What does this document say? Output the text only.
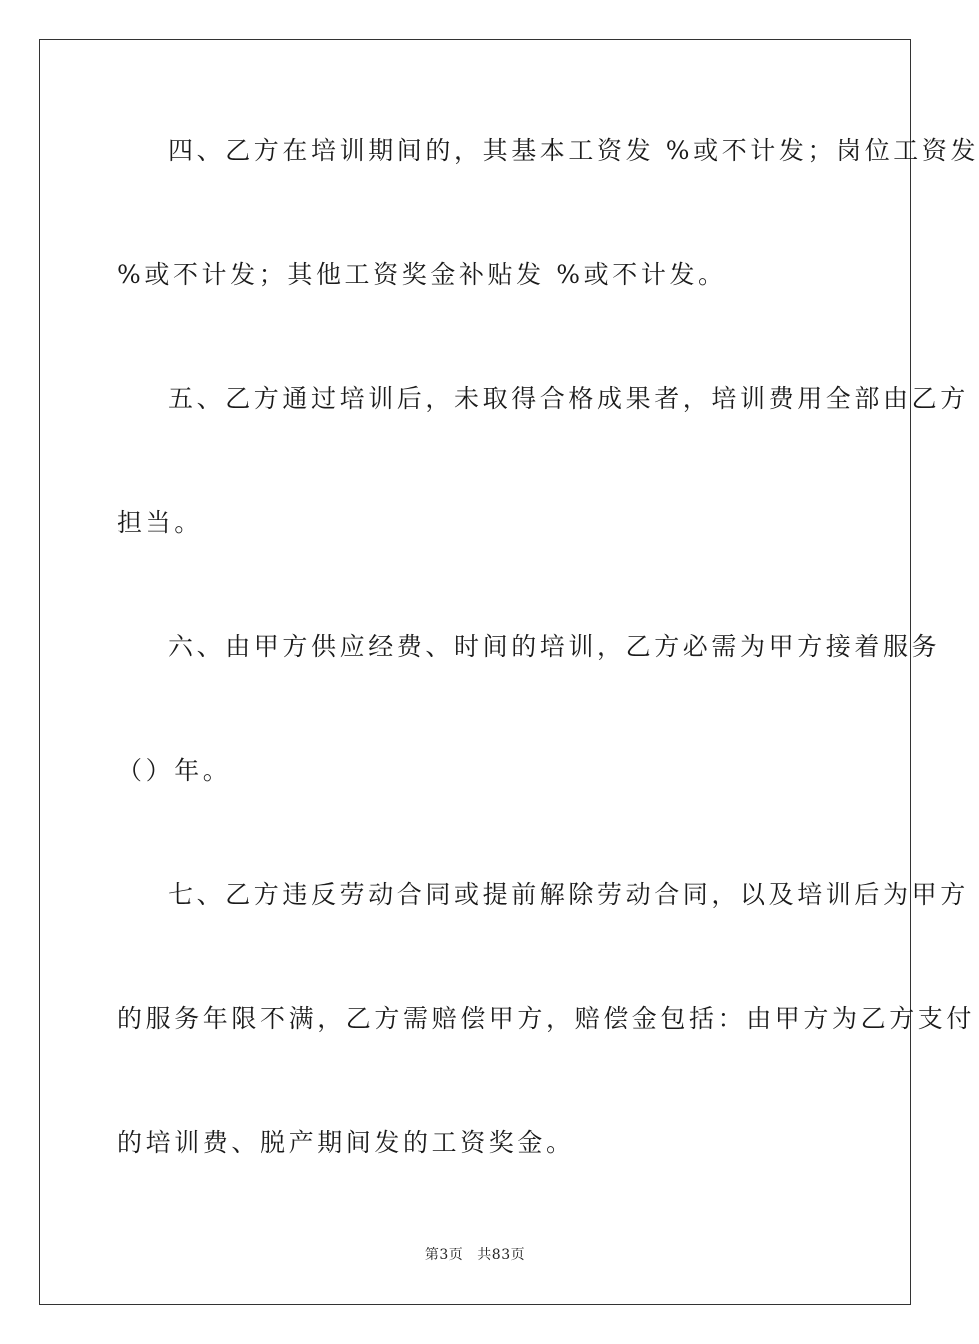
四、乙方在培训期间的，其基本工资发 %或不计发；岗位工资发
%或不计发；其他工资奖金补贴发 %或不计发。
五、乙方通过培训后，未取得合格成果者，培训费用全部由乙方
担当。
六、由甲方供应经费、时间的培训，乙方必需为甲方接着服务
（）年。
七、乙方违反劳动合同或提前解除劳动合同，以及培训后为甲方
的服务年限不满，乙方需赔偿甲方，赔偿金包括：由甲方为乙方支付
的培训费、脱产期间发的工资奖金。
第3页 共83页
